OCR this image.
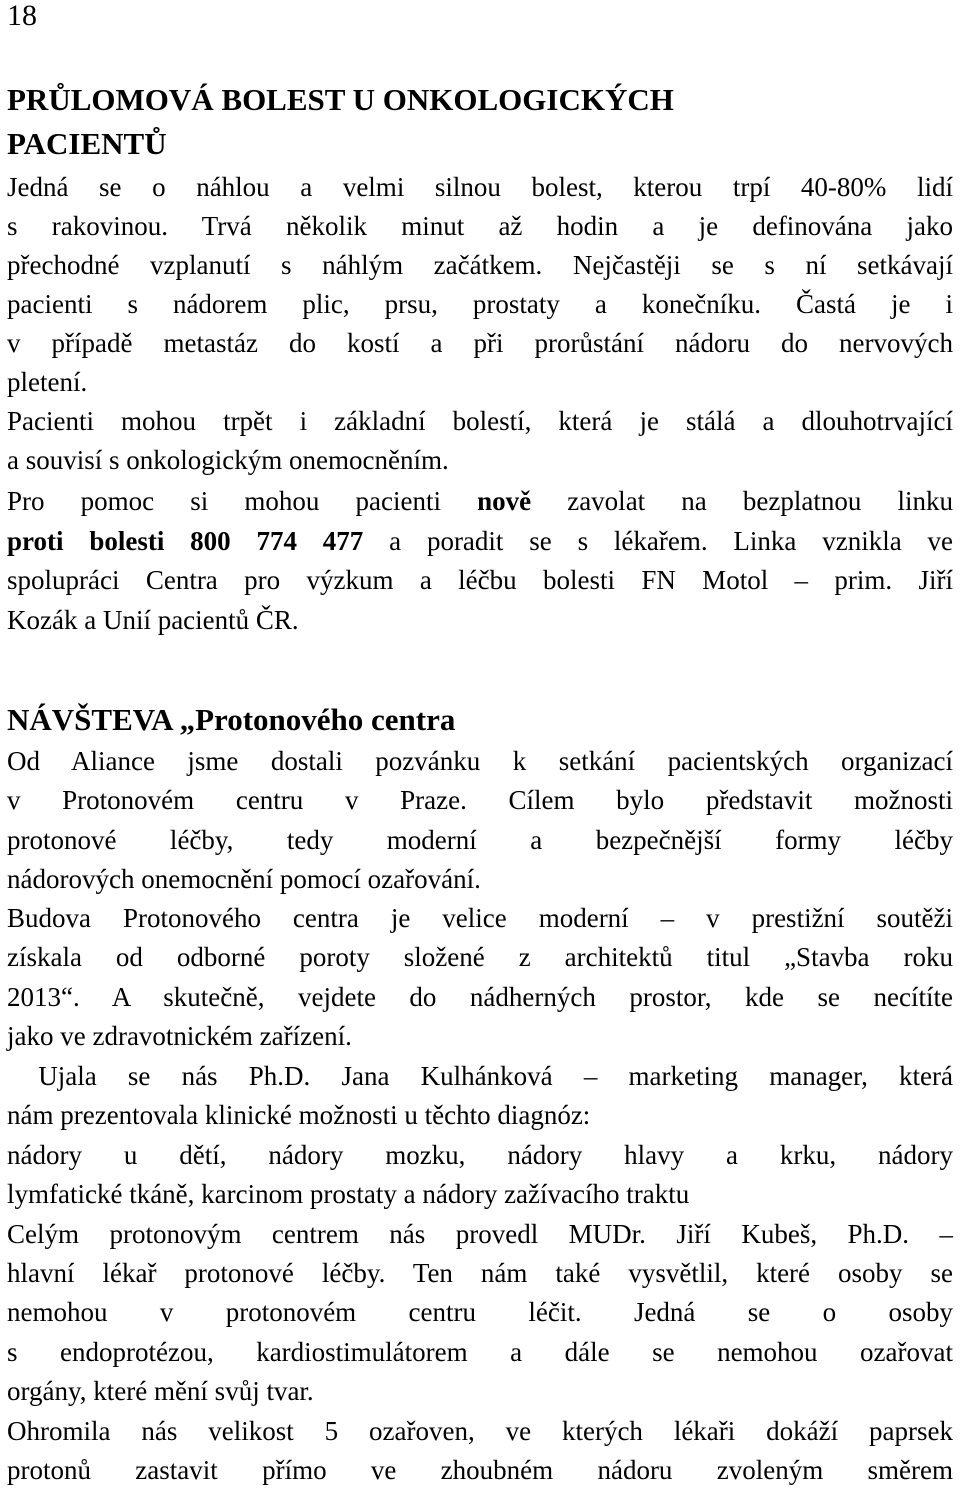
18
PRŮLOMOVÁ BOLEST U ONKOLOGICKÝCH
PACIENTŮ
Jedná se o náhlou a velmi silnou bolest, kterou trpí 40-80% lidí
s rakovinou. Trvá několik minut až hodin a je definována jako
přechodné vzplanutí s náhlým začátkem. Nejčastěji se s ní setkávají
pacienti s nádorem plic, prsu, prostaty a konečníku. Častá je i
v případě metastáz do kostí a při prorůstání nádoru do nervových
pletení.
Pacienti mohou trpět i základní bolestí, která je stálá a dlouhotrvající
a souvisí s onkologickým onemocněním.
Pro pomoc si mohou pacienti nově zavolat na bezplatnou linku
proti bolesti 800 774 477 a poradit se s lékařem. Linka vznikla ve
spolupráci Centra pro výzkum a léčbu bolesti FN Motol – prim. Jiří
Kozák a Unií pacientů ČR.
NÁVŠTEVA „Protonového centra
Od Aliance jsme dostali pozvánku k setkání pacientských organizací
v Protonovém centru v Praze. Cílem bylo představit možnosti
protonové léčby, tedy moderní a bezpečnější formy léčby
nádorových onemocnění pomocí ozařování.
Budova Protonového centra je velice moderní – v prestižní soutěži
získala od odborné poroty složené z architektů titul „Stavba roku
2013“. A skutečně, vejdete do nádherných prostor, kde se necítíte
jako ve zdravotnickém zařízení.
Ujala se nás Ph.D. Jana Kulhánková – marketing manager, která
nám prezentovala klinické možnosti u těchto diagnóz:
nádory u dětí, nádory mozku, nádory hlavy a krku, nádory
lymfatické tkáně, karcinom prostaty a nádory zažívacího traktu
Celým protonovým centrem nás provedl MUDr. Jiří Kubeš, Ph.D. –
hlavní lékař protonové léčby. Ten nám také vysvětlil, které osoby se
nemohou v protonovém centru léčit. Jedná se o osoby
s endoprotézou, kardiostimulátorem a dále se nemohou ozařovat
orgány, které mění svůj tvar.
Ohromila nás velikost 5 ozařoven, ve kterých lékaři dokáží paprsek
protonů zastavit přímo ve zhoubném nádoru zvoleným směrem
